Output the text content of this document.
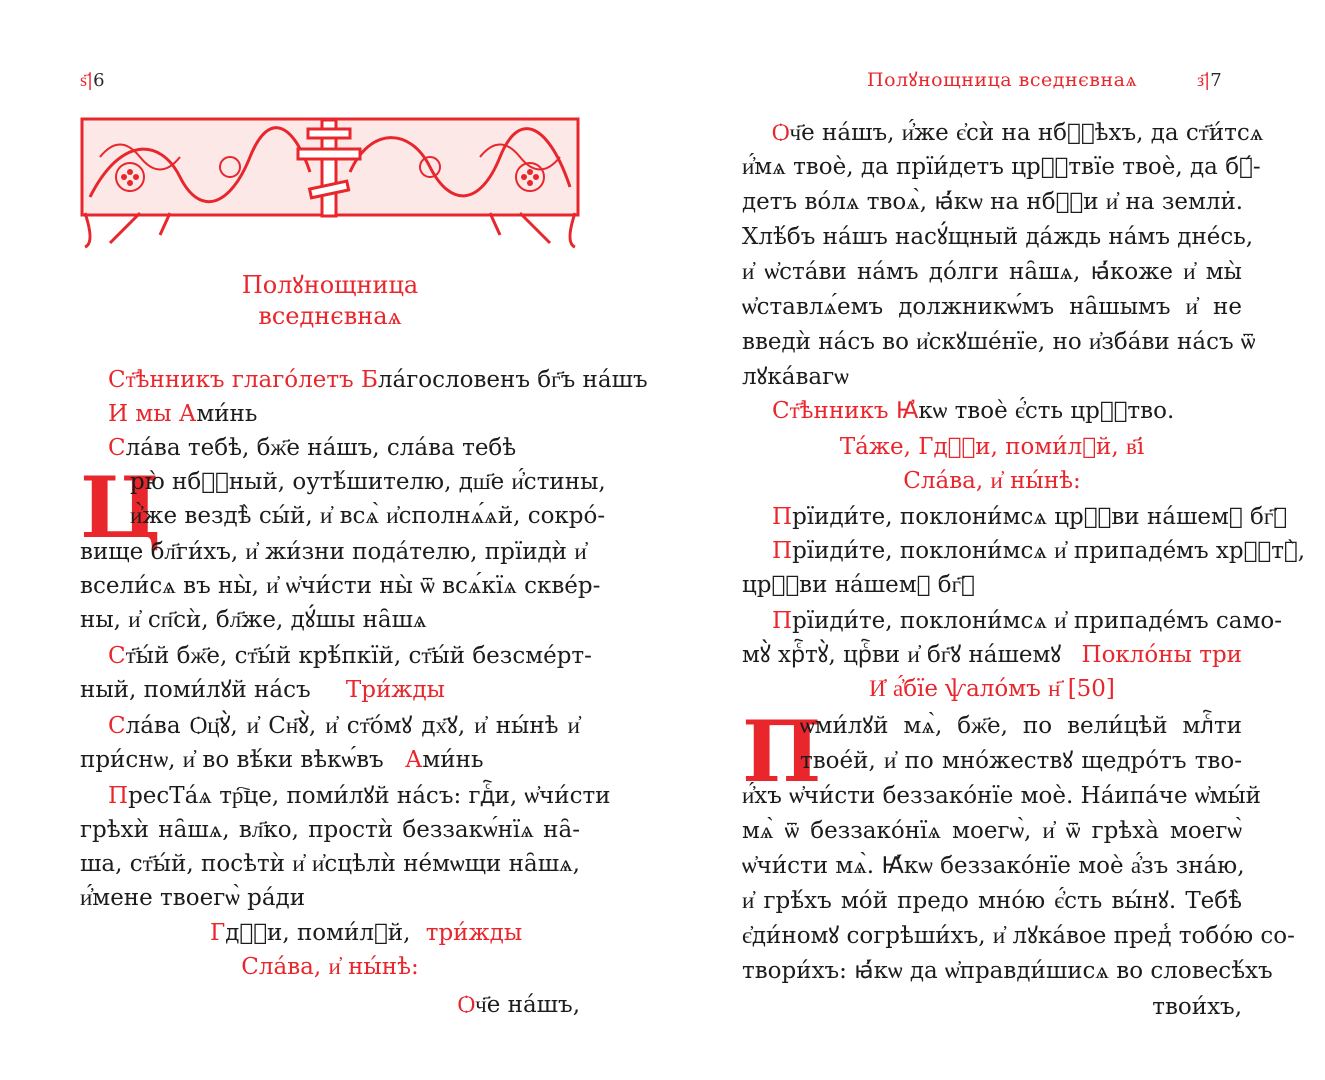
ѕ҃|6
Полꙋнощница
вседнєвнаѧ
Ст҃ѣнникъ глаго́летъ Бла́гословенъ бг҃ъ на́шъ
И мы Ами́нь
Сла́ва тебѣ, бж҃е на́шъ, сла́ва тебѣ
Ц
рю̀ нбⷭ҇ный, оутѣ́шителю, дш҃е и҆́стины,
и҆̀же вездѣ̀ сы́й, и҆ всѧ̀ и҆сполнѧ́ѧй, сокро́-
вище бл҃ги́хъ, и҆ жи́зни пода́телю, прїидѝ и҆
всели́сѧ въ ны̀, и҆ ѡ҆чи́сти ны̀ ѿ всѧ́кїѧ скве́р-
ны, и҆ сп҃сѝ, бл҃же, дꙋ́шы на̑шѧ
Ст҃ы́й бж҃е, ст҃ы́й крѣ́пкїй, ст҃ы́й безсме́рт-
ный, поми́лꙋй на́съ Три́жды
Сла́ва Ѻц҃ꙋ̀, и҆ Сн҃ꙋ̀, и҆ ст҃о́мꙋ дх҃ꙋ, и҆ ны́нѣ и҆
при́снѡ, и҆ во вѣ́ки вѣкѡ́въ Ами́нь
ПресТа́ѧ тр҇це, поми́лꙋй на́съ: гдⷭ҇и, ѡ҆чи́сти
грѣхѝ на̑шѧ, вл҃ко, простѝ беззакѡ́нїѧ на̑-
ша, ст҃ы́й, посѣтѝ и҆ и҆сцѣлѝ не́мѡщи на̑шѧ,
и҆́мене твоегѡ̀ ра́ди
Гдⷭ҇и, поми́лꙋй, три́жды
Сла́ва, и҆ ны́нѣ:
Ѻч҃е на́шъ,
Полꙋнощница вседнєвнаѧ	з҃|7
Ѻч҃е на́шъ, и҆́же є҆сѝ на нбⷭ҇ѣхъ, да ст҃и́тсѧ
и҆́мѧ твоѐ, да прїи́детъ црⷭ҇твїе твоѐ, да бꙋ́-
детъ во́лѧ твоѧ̀, ꙗ҆́кѡ на нбⷭ҇и и҆ на земли̇.
Хлѣ́бъ на́шъ насꙋ́щный да́ждь на́мъ дне́сь,
и҆ ѡ҆ста́ви на́мъ до́лги на̑шѧ, ꙗ҆́коже и҆ мы̀
ѡ҆ставлѧ́емъ должникѡ́мъ на̑шымъ и҆ не
введѝ на́съ во и҆скꙋше́нїе, но и҆зба́ви на́съ ѿ
лꙋка́вагѡ
Ст҃ѣнникъ Ꙗ҆кѡ твоѐ є҆́сть црⷭ҇тво.
Та́же, Гдⷭ҇и, поми́лꙋй, в҃і
Сла́ва, и҆ ны́нѣ:
Прїиди́те, поклони́мсѧ црⷭ҇ви на́шемꙋ бг҃ꙋ
Прїиди́те, поклони́мсѧ и҆ припаде́мъ хрⷭ҇тꙋ̀,
црⷭ҇ви на́шемꙋ бг҃ꙋ
Прїиди́те, поклони́мсѧ и҆ припаде́мъ само-
мꙋ̀ хрⷭ҇тꙋ̀, црⷭ҇ви и҆ бг҃ꙋ на́шемꙋ Покло́ны три
И҆ а҆́бїе ѱало́мъ н҃ [50]
П
ѡми́лꙋй мѧ̀, бж҃е, по вели́цѣй млⷭ҇ти
твое́й, и҆ по мно́жествꙋ щедро́тъ тво-
и҆́хъ ѡ҆чи́сти беззако́нїе моѐ. На́ипа́че ѡ҆мы́й
мѧ̀ ѿ беззако́нїѧ моегѡ̀, и҆ ѿ грѣха̀ моегѡ̀
ѡ҆чи́сти мѧ̀. Ꙗ҆́кѡ беззако́нїе моѐ а҆́зъ зна́ю,
и҆ грѣ́хъ мо́й предо мно́ю є҆́сть вы́нꙋ. Тебѣ̀
є҆ди́номꙋ согрѣши́хъ, и҆ лꙋка́вое пред̾ тобо́ю со-
твори́хъ: ꙗ҆́кѡ да ѡ҆правди́шисѧ во словесѣ́хъ
твои́хъ,
